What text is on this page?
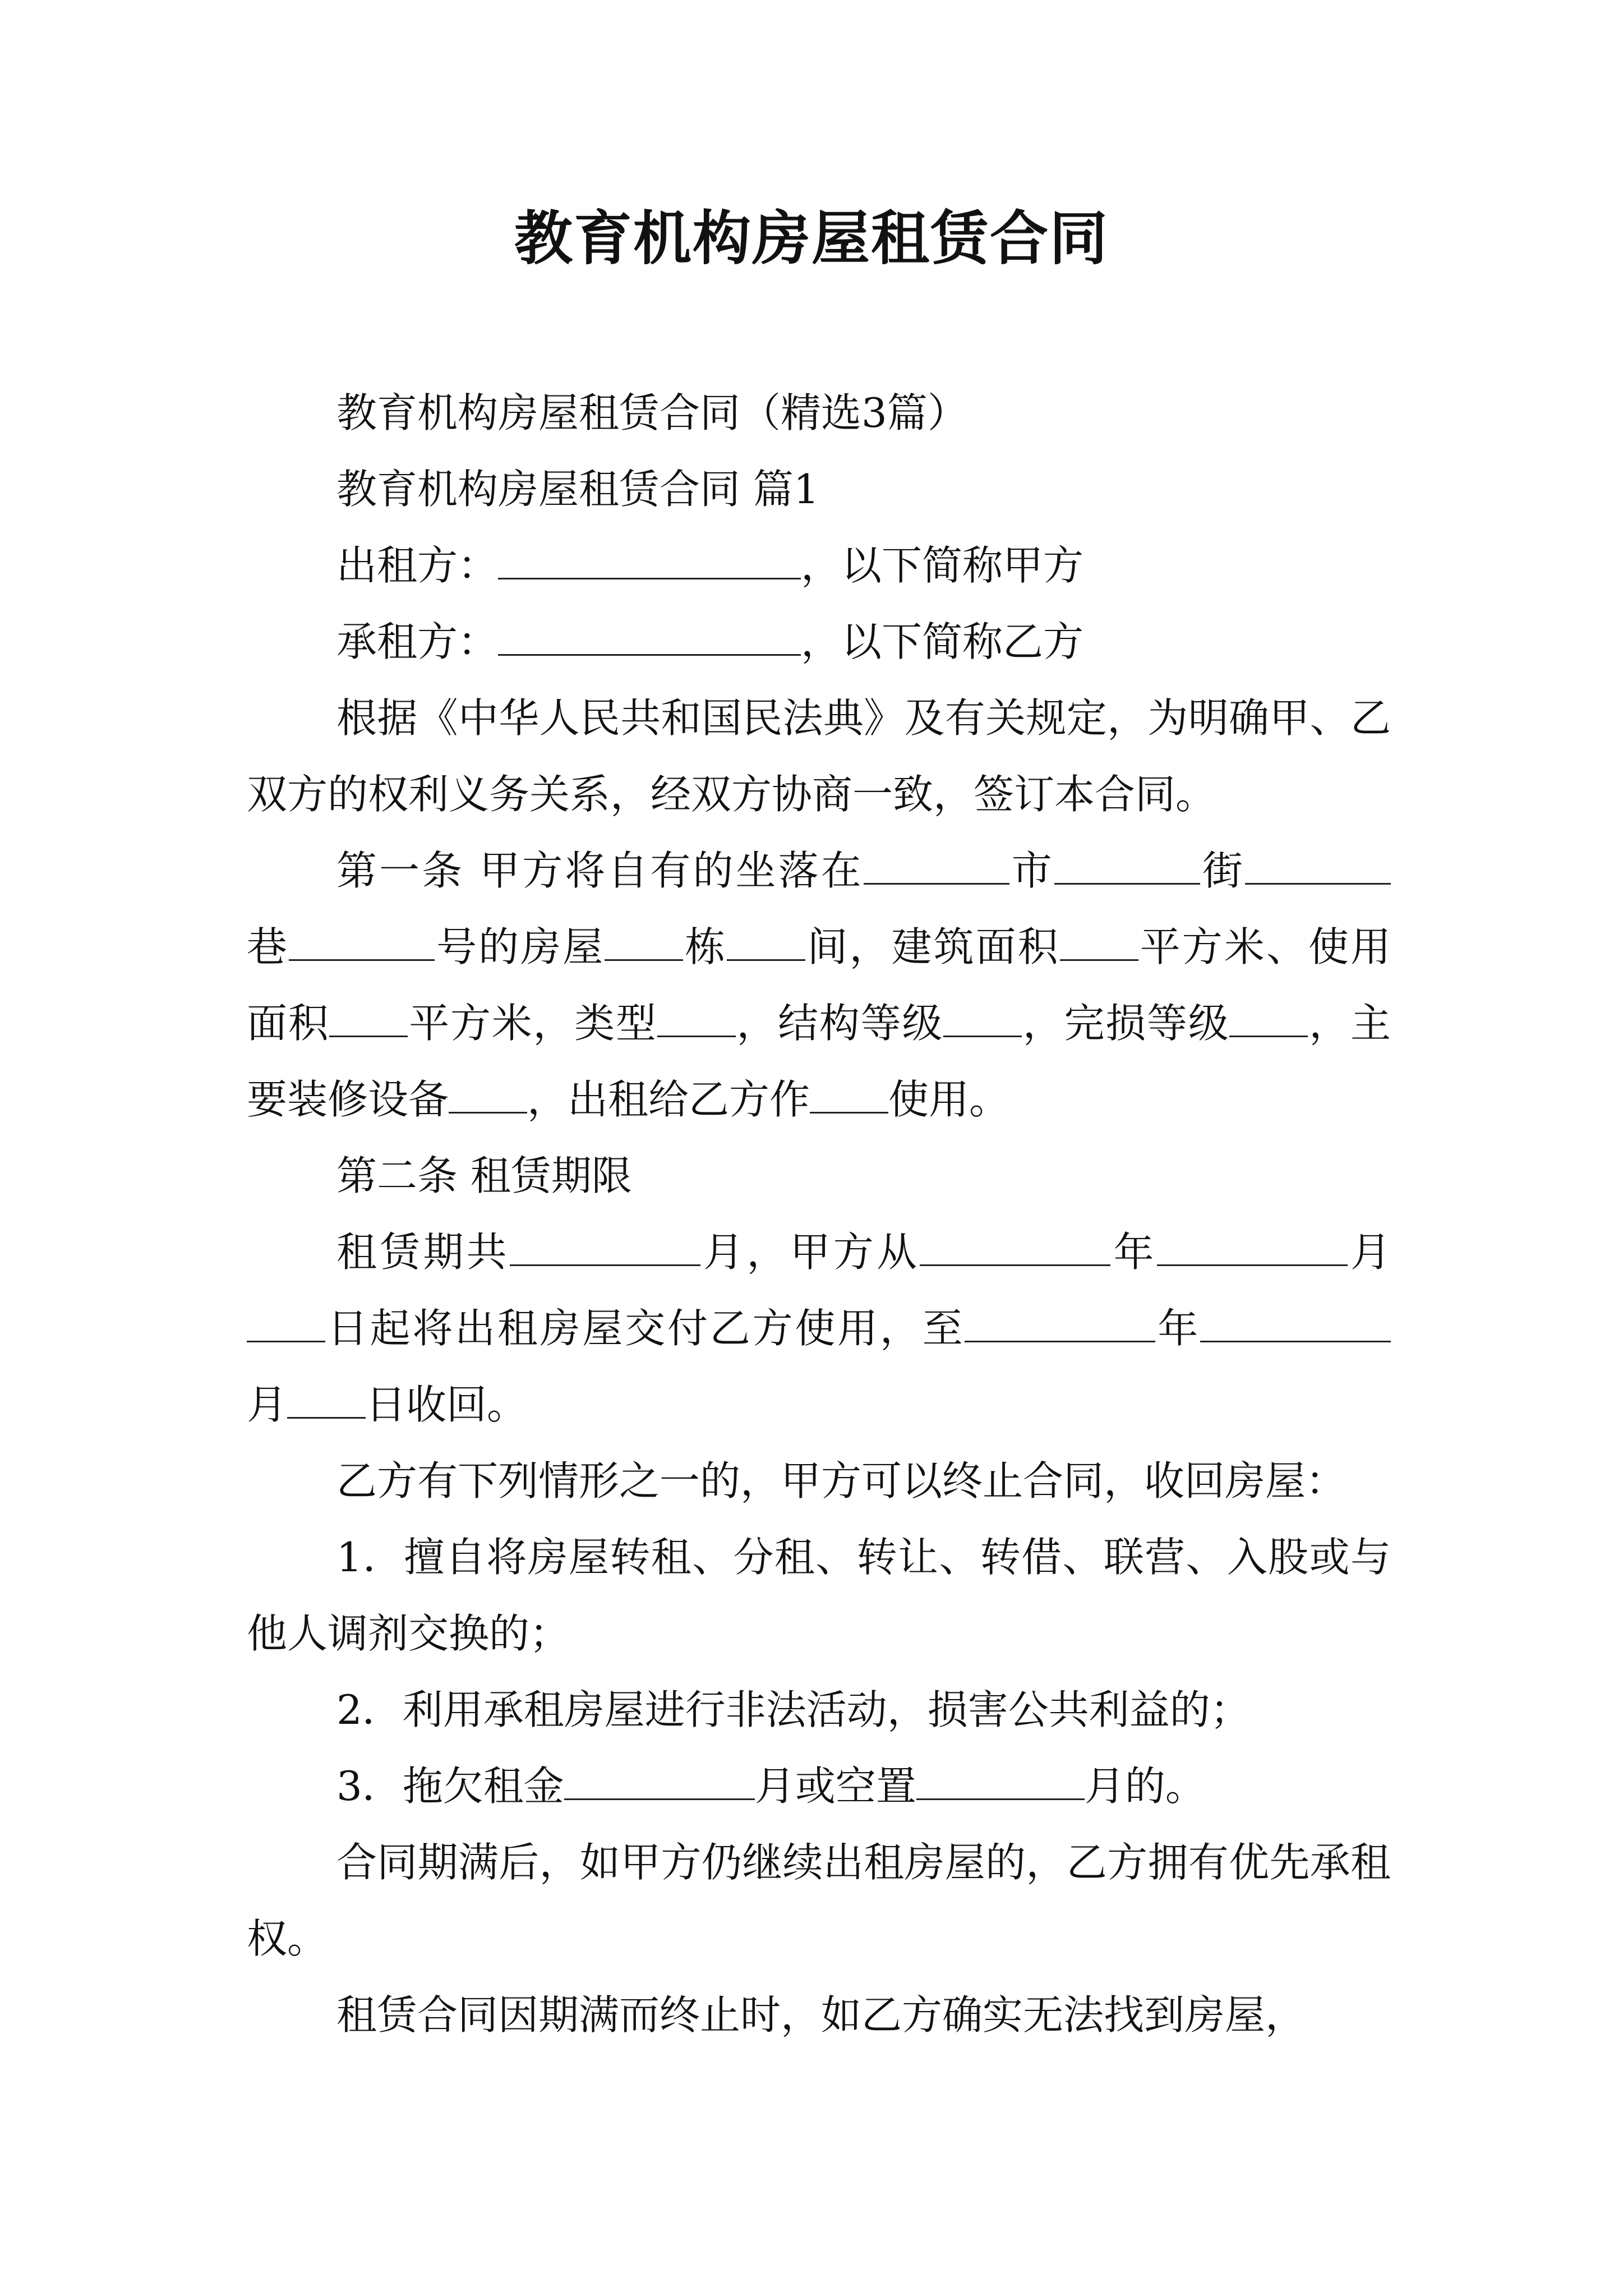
教育机构房屋租赁合同

教育机构房屋租赁合同（精选3篇）

教育机构房屋租赁合同 篇1

出租方：	，以下简称甲方

承租方：	，以下简称乙方

根据《中华人民共和国民法典》及有关规定，为明确甲、乙双方的权利义务关系，经双方协商一致，签订本合同。

第一条 甲方将自有的坐落在	市	街巷	号的房屋 栋 间，建筑面积 平方米、使用面积 平方米，类型 ，结构等级 ，完损等级 ，主要装修设备 ，出租给乙方作 使用。

第二条 租赁期限

租赁期共	月，甲方从	年	月日起将出租房屋交付乙方使用，至	年月 日收回。

乙方有下列情形之一的，甲方可以终止合同，收回房屋：

1．擅自将房屋转租、分租、转让、转借、联营、入股或与他人调剂交换的；

2．利用承租房屋进行非法活动，损害公共利益的；

3．拖欠租金	月或空置	月的。

合同期满后，如甲方仍继续出租房屋的，乙方拥有优先承租权。

租赁合同因期满而终止时，如乙方确实无法找到房屋，
